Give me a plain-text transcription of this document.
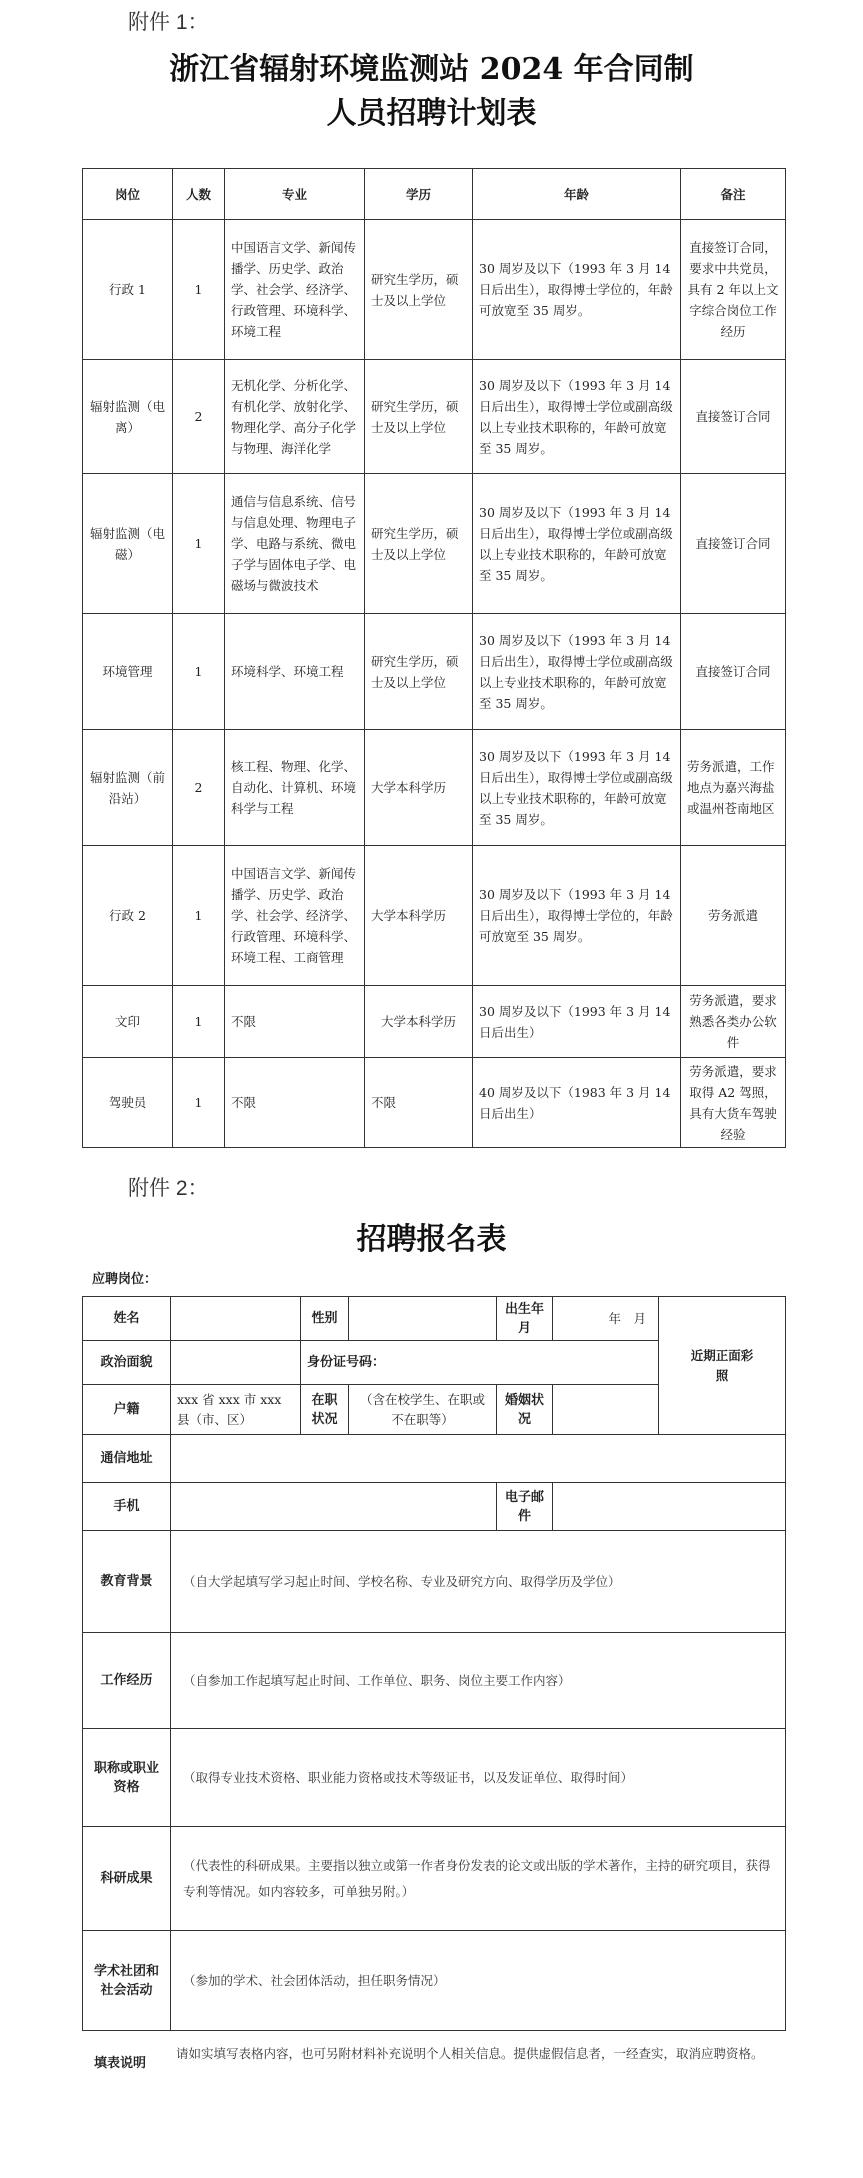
附件 1：
浙江省辐射环境监测站 2024 年合同制
人员招聘计划表
岗位	人数	专业	学历	年龄	备注
行政 1	1	中国语言文学、新闻传播学、历史学、政治学、社会学、经济学、行政管理、环境科学、环境工程	研究生学历，硕士及以上学位	30 周岁及以下（1993 年 3 月 14 日后出生），取得博士学位的，年龄可放宽至 35 周岁。	直接签订合同，要求中共党员，具有 2 年以上文字综合岗位工作经历
辐射监测（电离）	2	无机化学、分析化学、有机化学、放射化学、物理化学、高分子化学与物理、海洋化学	研究生学历，硕士及以上学位	30 周岁及以下（1993 年 3 月 14 日后出生），取得博士学位或副高级以上专业技术职称的，年龄可放宽至 35 周岁。	直接签订合同
辐射监测（电磁）	1	通信与信息系统、信号与信息处理、物理电子学、电路与系统、微电子学与固体电子学、电磁场与微波技术	研究生学历，硕士及以上学位	30 周岁及以下（1993 年 3 月 14 日后出生），取得博士学位或副高级以上专业技术职称的，年龄可放宽至 35 周岁。	直接签订合同
环境管理	1	环境科学、环境工程	研究生学历，硕士及以上学位	30 周岁及以下（1993 年 3 月 14 日后出生），取得博士学位或副高级以上专业技术职称的，年龄可放宽至 35 周岁。	直接签订合同
辐射监测（前沿站）	2	核工程、物理、化学、自动化、计算机、环境科学与工程	大学本科学历	30 周岁及以下（1993 年 3 月 14 日后出生），取得博士学位或副高级以上专业技术职称的，年龄可放宽至 35 周岁。	劳务派遣，工作地点为嘉兴海盐或温州苍南地区
行政 2	1	中国语言文学、新闻传播学、历史学、政治学、社会学、经济学、行政管理、环境科学、环境工程、工商管理	大学本科学历	30 周岁及以下（1993 年 3 月 14 日后出生），取得博士学位的，年龄可放宽至 35 周岁。	劳务派遣
文印	1	不限	大学本科学历	30 周岁及以下（1993 年 3 月 14 日后出生）	劳务派遣，要求熟悉各类办公软件
驾驶员	1	不限	不限	40 周岁及以下（1983 年 3 月 14 日后出生）	劳务派遣，要求取得 A2 驾照，具有大货车驾驶经验
附件 2：
招聘报名表
应聘岗位：
姓名		性别		出生年月	年　月	近期正面彩照
政治面貌		身份证号码：				
户籍	xxx 省 xxx 市 xxx 县（市、区）	在职状况	（含在校学生、在职或不在职等）	婚姻状况		
通信地址						
手机				电子邮件		
教育背景	（自大学起填写学习起止时间、学校名称、专业及研究方向、取得学历及学位）					
工作经历	（自参加工作起填写起止时间、工作单位、职务、岗位主要工作内容）					
职称或职业资格	（取得专业技术资格、职业能力资格或技术等级证书，以及发证单位、取得时间）					
科研成果	（代表性的科研成果。主要指以独立或第一作者身份发表的论文或出版的学术著作，主持的研究项目，获得专利等情况。如内容较多，可单独另附。）					
学术社团和社会活动	（参加的学术、社会团体活动，担任职务情况）					
填表说明
请如实填写表格内容，也可另附材料补充说明个人相关信息。提供虚假信息者，一经查实，取消应聘资格。
